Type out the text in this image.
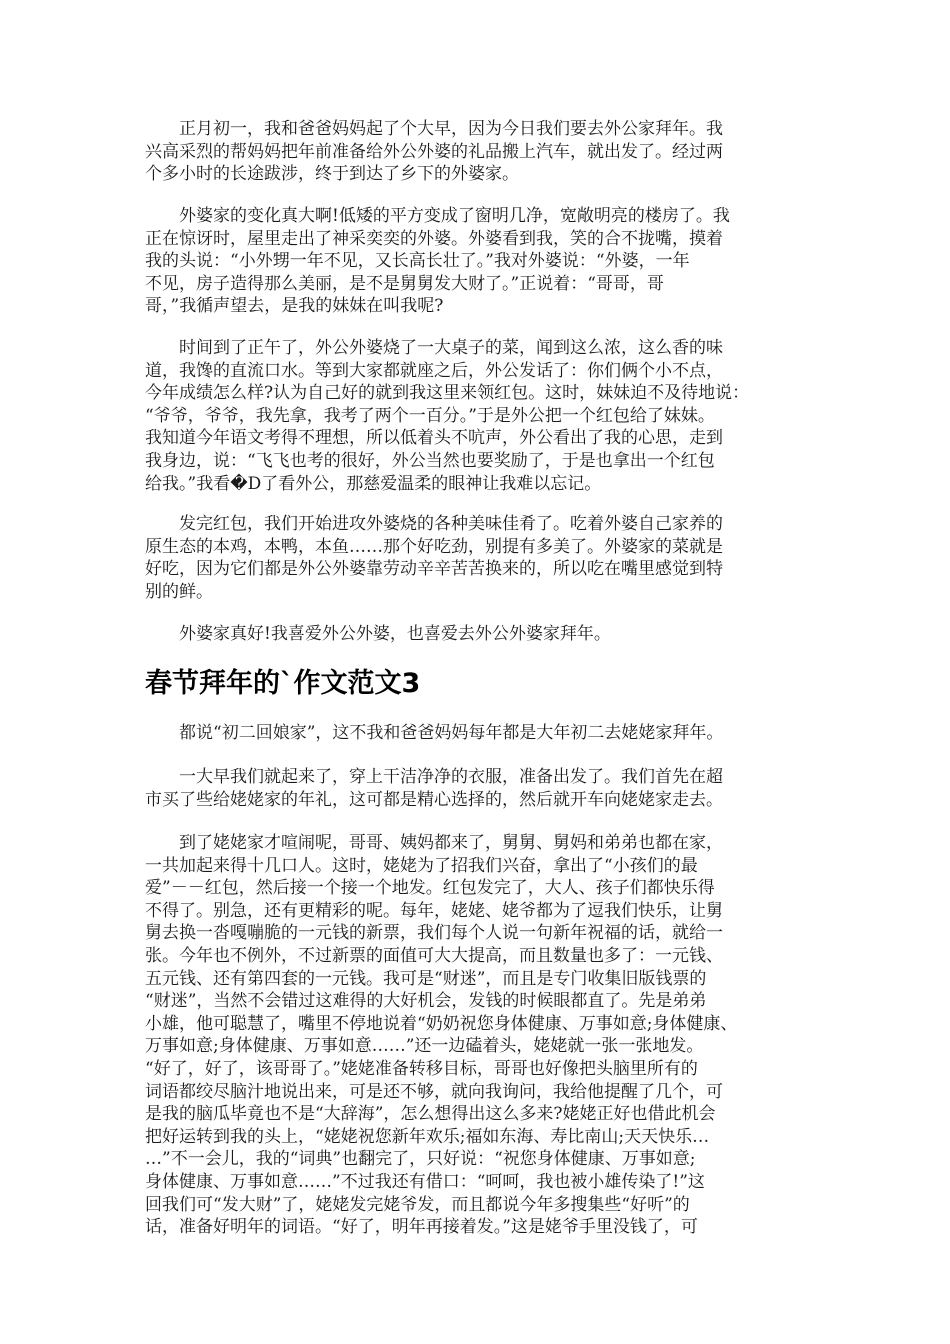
　　正月初一，我和爸爸妈妈起了个大早，因为今日我们要去外公家拜年。我
兴高采烈的帮妈妈把年前准备给外公外婆的礼品搬上汽车，就出发了。经过两
个多小时的长途跋涉，终于到达了乡下的外婆家。
　　外婆家的变化真大啊!低矮的平方变成了窗明几净，宽敞明亮的楼房了。我
正在惊讶时，屋里走出了神采奕奕的外婆。外婆看到我，笑的合不拢嘴，摸着
我的头说：“小外甥一年不见，又长高长壮了。”我对外婆说：“外婆，一年
不见，房子造得那么美丽，是不是舅舅发大财了。”正说着：“哥哥，哥
哥，”我循声望去，是我的妹妹在叫我呢?
　　时间到了正午了，外公外婆烧了一大桌子的菜，闻到这么浓，这么香的味
道，我馋的直流口水。等到大家都就座之后，外公发话了：你们俩个小不点，
今年成绩怎么样?认为自己好的就到我这里来领红包。这时，妹妹迫不及待地说：
“爷爷，爷爷，我先拿，我考了两个一百分。”于是外公把一个红包给了妹妹。
我知道今年语文考得不理想，所以低着头不吭声，外公看出了我的心思，走到
我身边，说：“飞飞也考的很好，外公当然也要奖励了，于是也拿出一个红包
给我。”我看�D了看外公，那慈爱温柔的眼神让我难以忘记。
　　发完红包，我们开始进攻外婆烧的各种美味佳肴了。吃着外婆自己家养的
原生态的本鸡，本鸭，本鱼……那个好吃劲，别提有多美了。外婆家的菜就是
好吃，因为它们都是外公外婆靠劳动辛辛苦苦换来的，所以吃在嘴里感觉到特
别的鲜。
　　外婆家真好!我喜爱外公外婆，也喜爱去外公外婆家拜年。
春节拜年的`作文范文3
　　都说“初二回娘家”，这不我和爸爸妈妈每年都是大年初二去姥姥家拜年。
　　一大早我们就起来了，穿上干洁净净的衣服，准备出发了。我们首先在超
市买了些给姥姥家的年礼，这可都是精心选择的，然后就开车向姥姥家走去。
　　到了姥姥家才喧闹呢，哥哥、姨妈都来了，舅舅、舅妈和弟弟也都在家，
一共加起来得十几口人。这时，姥姥为了招我们兴奋，拿出了“小孩们的最
爱”－－红包，然后接一个接一个地发。红包发完了，大人、孩子们都快乐得
不得了。别急，还有更精彩的呢。每年，姥姥、姥爷都为了逗我们快乐，让舅
舅去换一沓嘎嘣脆的一元钱的新票，我们每个人说一句新年祝福的话，就给一
张。今年也不例外，不过新票的面值可大大提高，而且数量也多了：一元钱、
五元钱、还有第四套的一元钱。我可是“财迷”，而且是专门收集旧版钱票的
“财迷”，当然不会错过这难得的大好机会，发钱的时候眼都直了。先是弟弟
小雄，他可聪慧了，嘴里不停地说着“奶奶祝您身体健康、万事如意;身体健康、
万事如意;身体健康、万事如意……”还一边磕着头，姥姥就一张一张地发。
“好了，好了，该哥哥了。”姥姥准备转移目标，哥哥也好像把头脑里所有的
词语都绞尽脑汁地说出来，可是还不够，就向我询问，我给他提醒了几个，可
是我的脑瓜毕竟也不是“大辞海”，怎么想得出这么多来?姥姥正好也借此机会
把好运转到我的头上，“姥姥祝您新年欢乐;福如东海、寿比南山;天天快乐…
…”不一会儿，我的“词典”也翻完了，只好说：“祝您身体健康、万事如意;
身体健康、万事如意……”不过我还有借口：“呵呵，我也被小雄传染了!”这
回我们可“发大财”了，姥姥发完姥爷发，而且都说今年多搜集些“好听”的
话，准备好明年的词语。“好了，明年再接着发。”这是姥爷手里没钱了，可
